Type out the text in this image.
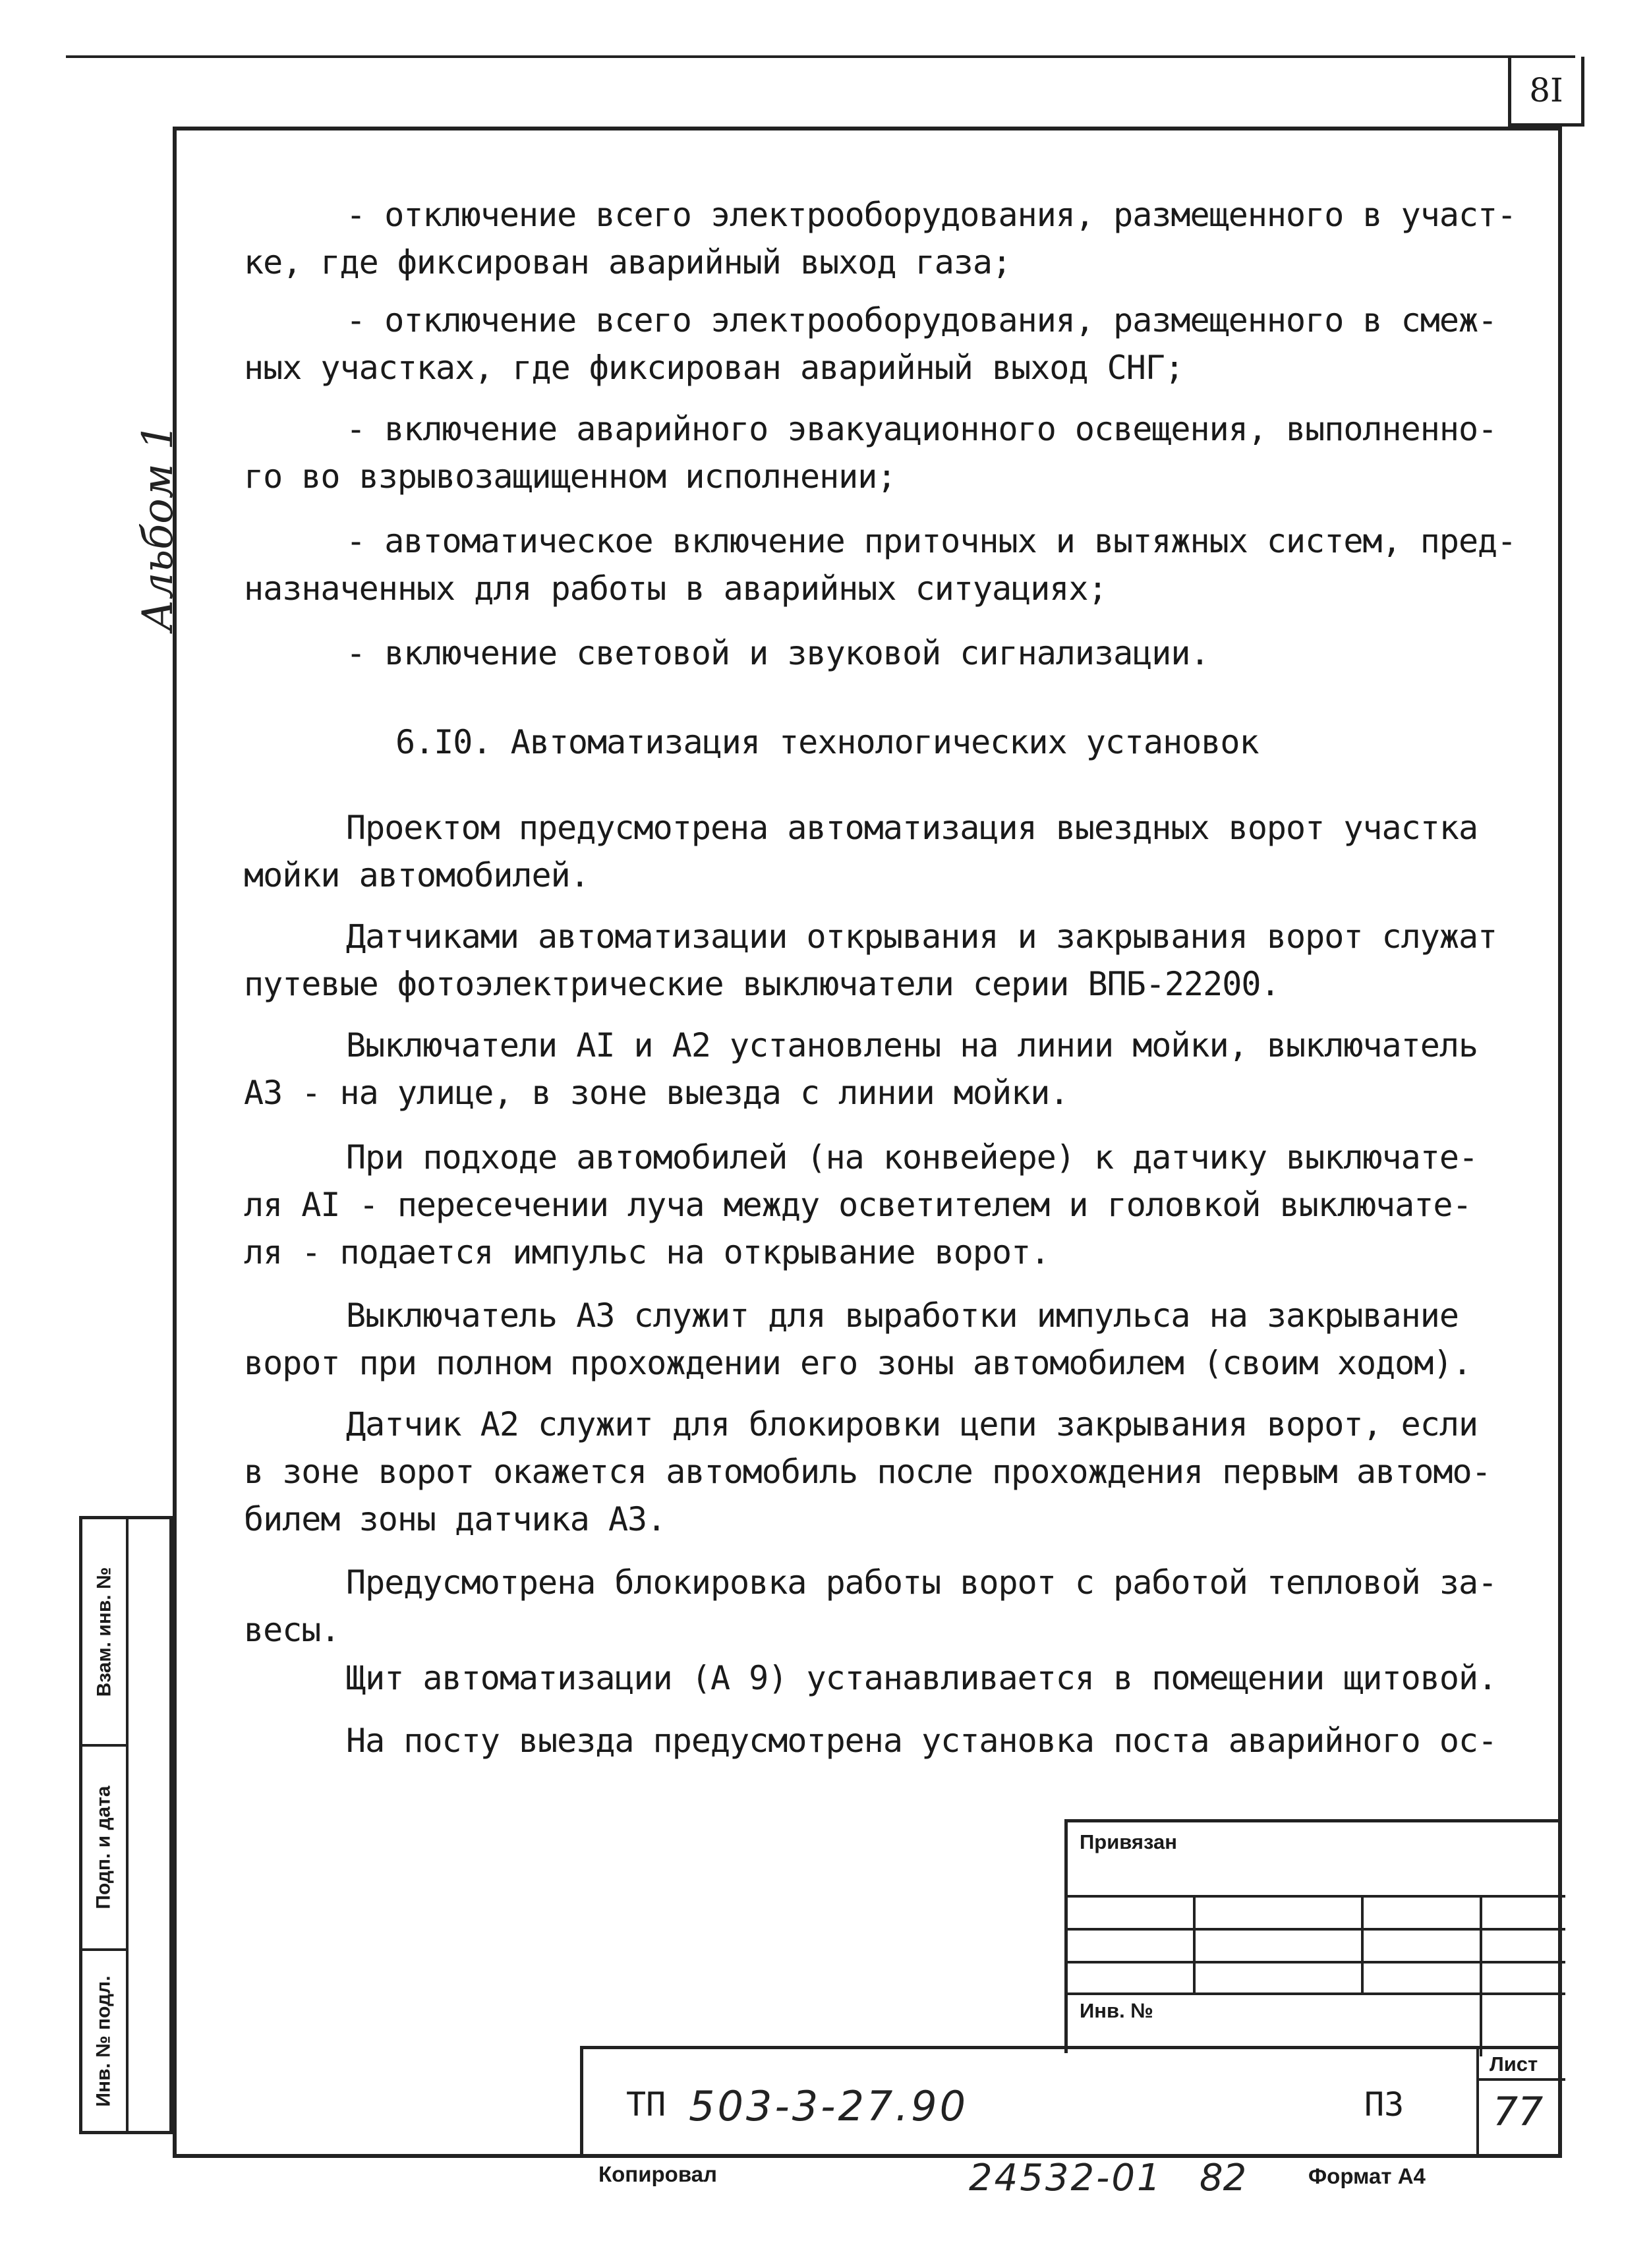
8I
Альбом 1
- отключение всего электрооборудования, размещенного в участ-
ке, где фиксирован аварийный выход газа;
- отключение всего электрооборудования, размещенного в смеж-
ных участках, где фиксирован аварийный выход СНГ;
- включение аварийного эвакуационного освещения, выполненно-
го во взрывозащищенном исполнении;
- автоматическое включение приточных и вытяжных систем, пред-
назначенных для работы в аварийных ситуациях;
- включение световой и звуковой сигнализации.
6.I0. Автоматизация технологических установок
Проектом предусмотрена автоматизация выездных ворот участка
мойки автомобилей.
Датчиками автоматизации открывания и закрывания ворот служат
путевые фотоэлектрические выключатели серии ВПБ-22200.
Выключатели АI и А2 установлены на линии мойки, выключатель
А3 - на улице, в зоне выезда с линии мойки.
При подходе автомобилей (на конвейере) к датчику выключате-
ля АI - пересечении луча между осветителем и головкой выключате-
ля - подается импульс на открывание ворот.
Выключатель А3 служит для выработки импульса на закрывание
ворот при полном прохождении его зоны автомобилем (своим ходом).
Датчик А2 служит для блокировки цепи закрывания ворот, если
в зоне ворот окажется автомобиль после прохождения первым автомо-
билем зоны датчика А3.
Предусмотрена блокировка работы ворот с работой тепловой за-
весы.
Щит автоматизации (А 9) устанавливается в помещении щитовой.
На посту выезда предусмотрена установка поста аварийного ос-
Взам. инв. №
Подп. и дата
Инв. № подл.
Привязан
Инв. №
Лист
77
ТП 503-3-27.90	ПЗ
Копировал	24532-01 82	Формат А4
